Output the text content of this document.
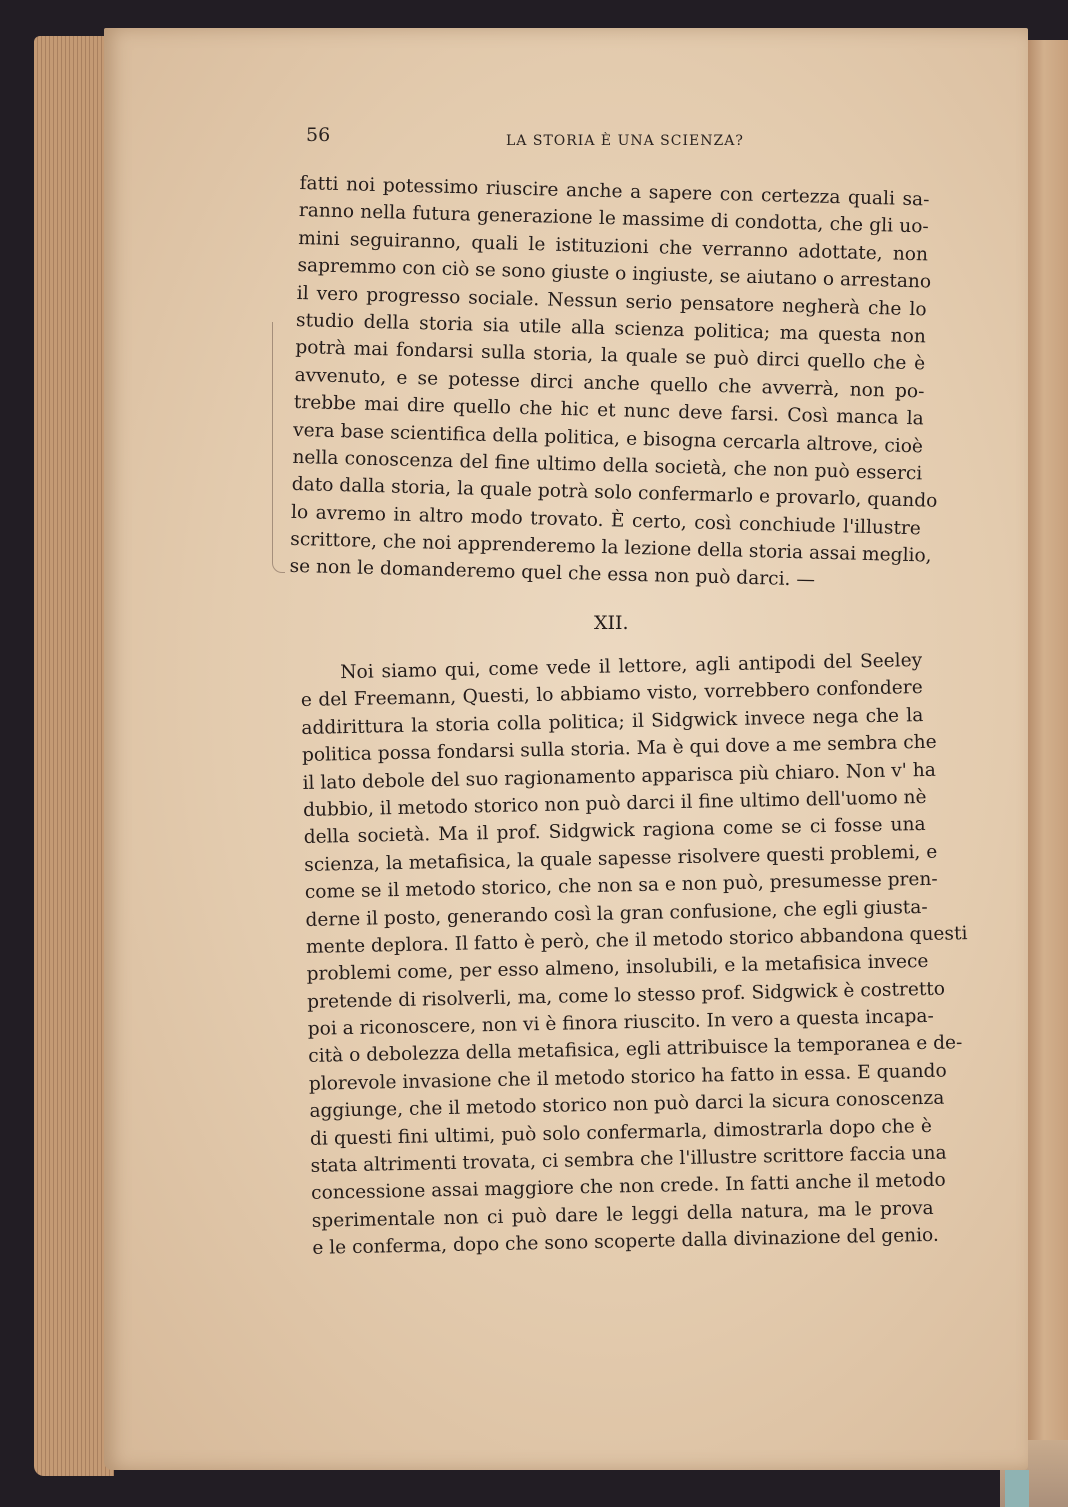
56	LA STORIA È UNA SCIENZA?
fatti noi potessimo riuscire anche a sapere con certezza quali sa-
ranno nella futura generazione le massime di condotta, che gli uo-
mini seguiranno, quali le istituzioni che verranno adottate, non
sapremmo con ciò se sono giuste o ingiuste, se aiutano o arrestano
il vero progresso sociale. Nessun serio pensatore negherà che lo
studio della storia sia utile alla scienza politica; ma questa non
potrà mai fondarsi sulla storia, la quale se può dirci quello che è
avvenuto, e se potesse dirci anche quello che avverrà, non po-
trebbe mai dire quello che hic et nunc deve farsi. Così manca la
vera base scientifica della politica, e bisogna cercarla altrove, cioè
nella conoscenza del fine ultimo della società, che non può esserci
dato dalla storia, la quale potrà solo confermarlo e provarlo, quando
lo avremo in altro modo trovato. È certo, così conchiude l'illustre
scrittore, che noi apprenderemo la lezione della storia assai meglio,
se non le domanderemo quel che essa non può darci. —
XII.
Noi siamo qui, come vede il lettore, agli antipodi del Seeley
e del Freemann, Questi, lo abbiamo visto, vorrebbero confondere
addirittura la storia colla politica; il Sidgwick invece nega che la
politica possa fondarsi sulla storia. Ma è qui dove a me sembra che
il lato debole del suo ragionamento apparisca più chiaro. Non v' ha
dubbio, il metodo storico non può darci il fine ultimo dell'uomo nè
della società. Ma il prof. Sidgwick ragiona come se ci fosse una
scienza, la metafisica, la quale sapesse risolvere questi problemi, e
come se il metodo storico, che non sa e non può, presumesse pren-
derne il posto, generando così la gran confusione, che egli giusta-
mente deplora. Il fatto è però, che il metodo storico abbandona questi
problemi come, per esso almeno, insolubili, e la metafisica invece
pretende di risolverli, ma, come lo stesso prof. Sidgwick è costretto
poi a riconoscere, non vi è finora riuscito. In vero a questa incapa-
cità o debolezza della metafisica, egli attribuisce la temporanea e de-
plorevole invasione che il metodo storico ha fatto in essa. E quando
aggiunge, che il metodo storico non può darci la sicura conoscenza
di questi fini ultimi, può solo confermarla, dimostrarla dopo che è
stata altrimenti trovata, ci sembra che l'illustre scrittore faccia una
concessione assai maggiore che non crede. In fatti anche il metodo
sperimentale non ci può dare le leggi della natura, ma le prova
e le conferma, dopo che sono scoperte dalla divinazione del genio.
